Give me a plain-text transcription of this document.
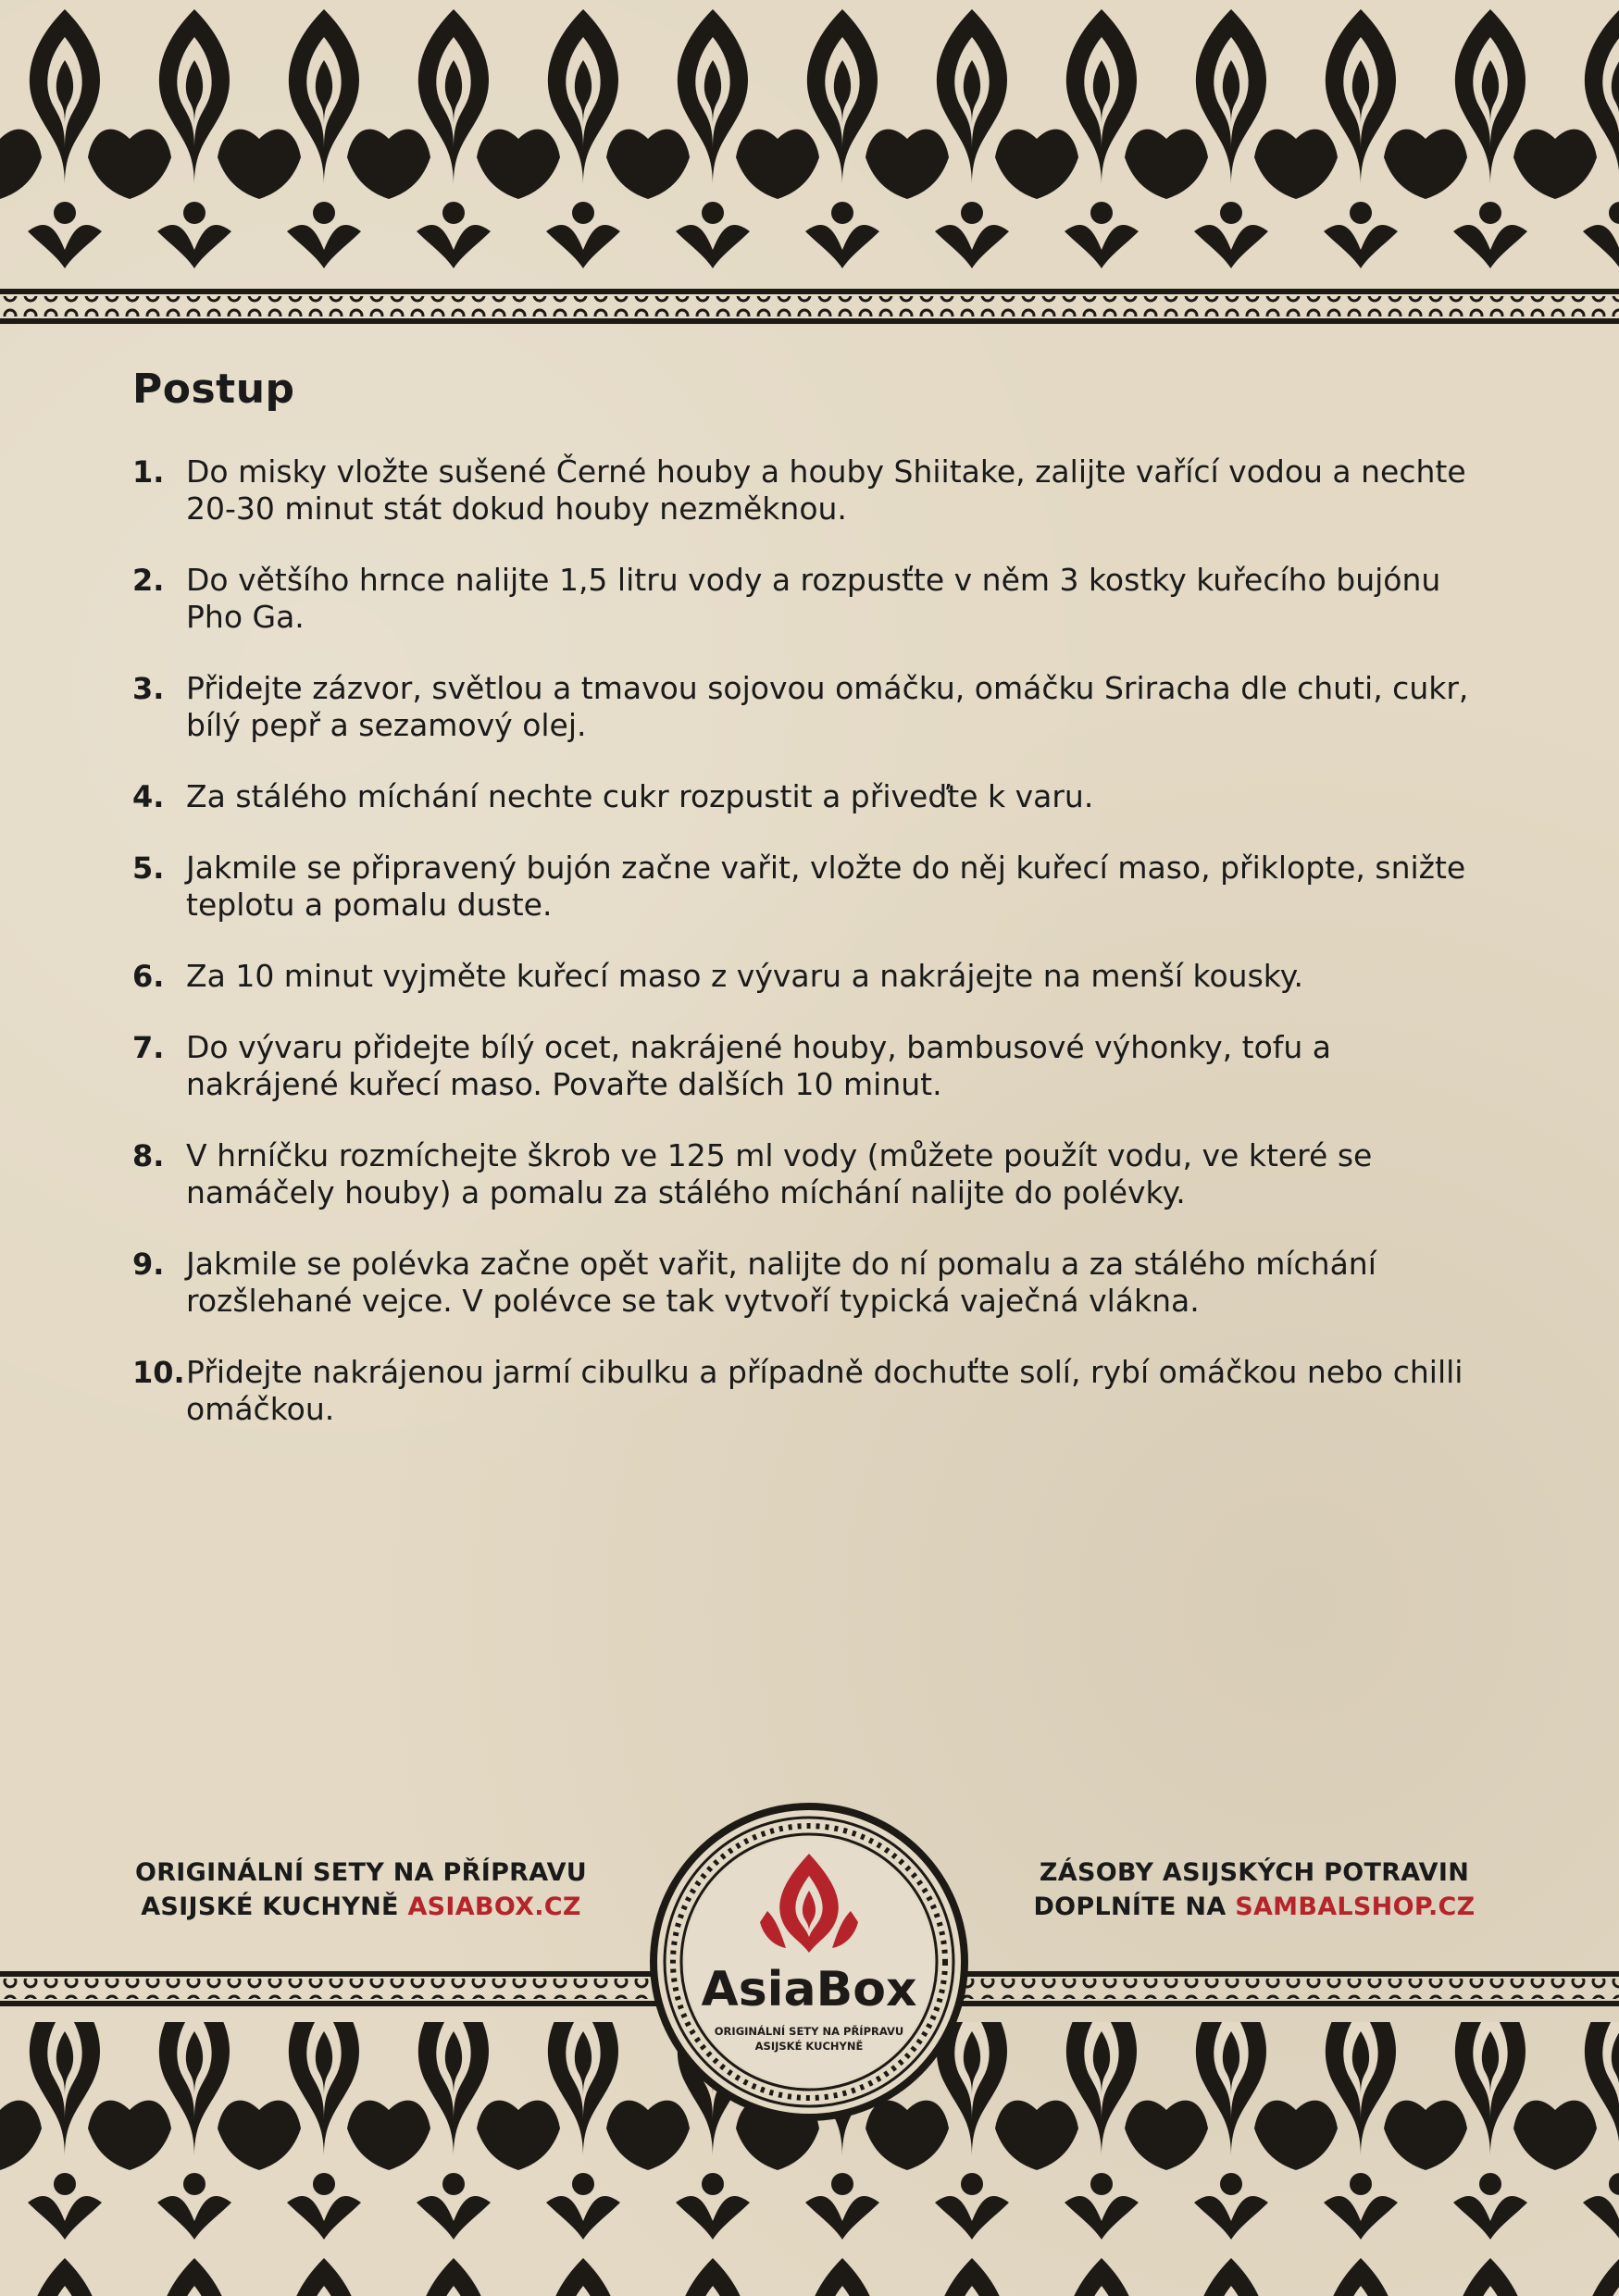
Postup
1. Do misky vložte sušené Černé houby a houby Shiitake, zalijte vařící vodou a nechte 20-30 minut stát dokud houby nezměknou.
2. Do většího hrnce nalijte 1,5 litru vody a rozpusťte v něm 3 kostky kuřecího bujónu Pho Ga.
3. Přidejte zázvor, světlou a tmavou sojovou omáčku, omáčku Sriracha dle chuti, cukr, bílý pepř a sezamový olej.
4. Za stálého míchání nechte cukr rozpustit a přiveďte k varu.
5. Jakmile se připravený bujón začne vařit, vložte do něj kuřecí maso, přiklopte, snižte teplotu a pomalu duste.
6. Za 10 minut vyjměte kuřecí maso z vývaru a nakrájejte na menší kousky.
7. Do vývaru přidejte bílý ocet, nakrájené houby, bambusové výhonky, tofu a nakrájené kuřecí maso. Povařte dalších 10 minut.
8. V hrníčku rozmíchejte škrob ve 125 ml vody (můžete použít vodu, ve které se namáčely houby) a pomalu za stálého míchání nalijte do polévky.
9. Jakmile se polévka začne opět vařit, nalijte do ní pomalu a za stálého míchání rozšlehané vejce. V polévce se tak vytvoří typická vaječná vlákna.
10. Přidejte nakrájenou jarmí cibulku a případně dochuťte solí, rybí omáčkou nebo chilli omáčkou.
ORIGINÁLNÍ SETY NA PŘÍPRAVU
ASIJSKÉ KUCHYNĚ ASIABOX.CZ
ZÁSOBY ASIJSKÝCH POTRAVIN
DOPLNÍTE NA SAMBALSHOP.CZ
AsiaBox
ORIGINÁLNÍ SETY NA PŘÍPRAVU
ASIJSKÉ KUCHYNĚ
